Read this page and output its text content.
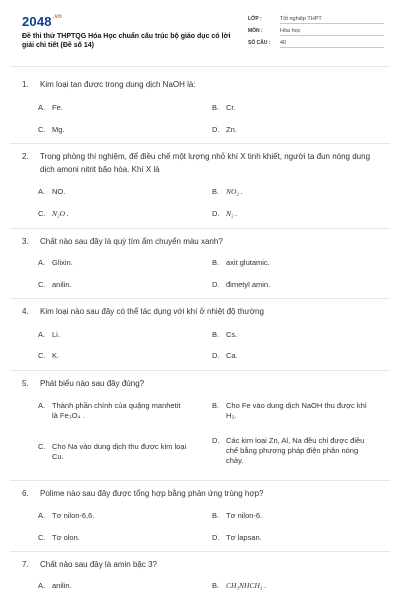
$2048^{.vn}$
Đề thi thử THPTQG Hóa Học chuẩn cấu trúc bộ giáo dục có lời giải chi tiết (Đề số 14)
LỚP :	Tốt nghiệp THPT
MÔN :	Hóa học
SỐ CÂU : 40
1. Kim loại tan được trong dung dịch NaOH là:
A. Fe.	B. Cr.
C. Mg.	D. Zn.
2.	Trong phòng thí nghiệm, để điều chế một lượng nhỏ khí X tinh khiết, người ta đun nóng dung dịch amoni nitrit bão hòa. Khí X là
A. NO.	B. NO₂ .
C. N₂O .	D. N₂ .
3. Chất nào sau đây là quỳ tím ẩm chuyển màu xanh?
A. Glixin.	B. axit glutamic.
C. anilin.	D. đimetyl amin.
4. Kim loại nào sau đây có thể tác dụng với khí ở nhiệt độ thường
A. Li.	B. Cs.
C. K.	D. Ca.
5. Phát biểu nào sau đây đúng?
A. Thành phần chính của quặng manhetit là Fe₃O₄ .
B. Cho Fe vào dung dịch NaOH thu được khí H₂.
C. Cho Na vào dung dịch thu được kim loại Cu.
D. Các kim loại Zn, Al, Na đều chỉ được điều chế bằng phương pháp điện phân nóng chảy.
6. Polime nào sau đây được tổng hợp bằng phản ứng trùng hợp?
A. Tơ nilon-6,6.	B. Tơ nilon-6.
C. Tơ olon.	D. Tơ lapsan.
7. Chất nào sau đây là amin bậc 3?
A. anilin.	B. CH₃NHCH₃ .
